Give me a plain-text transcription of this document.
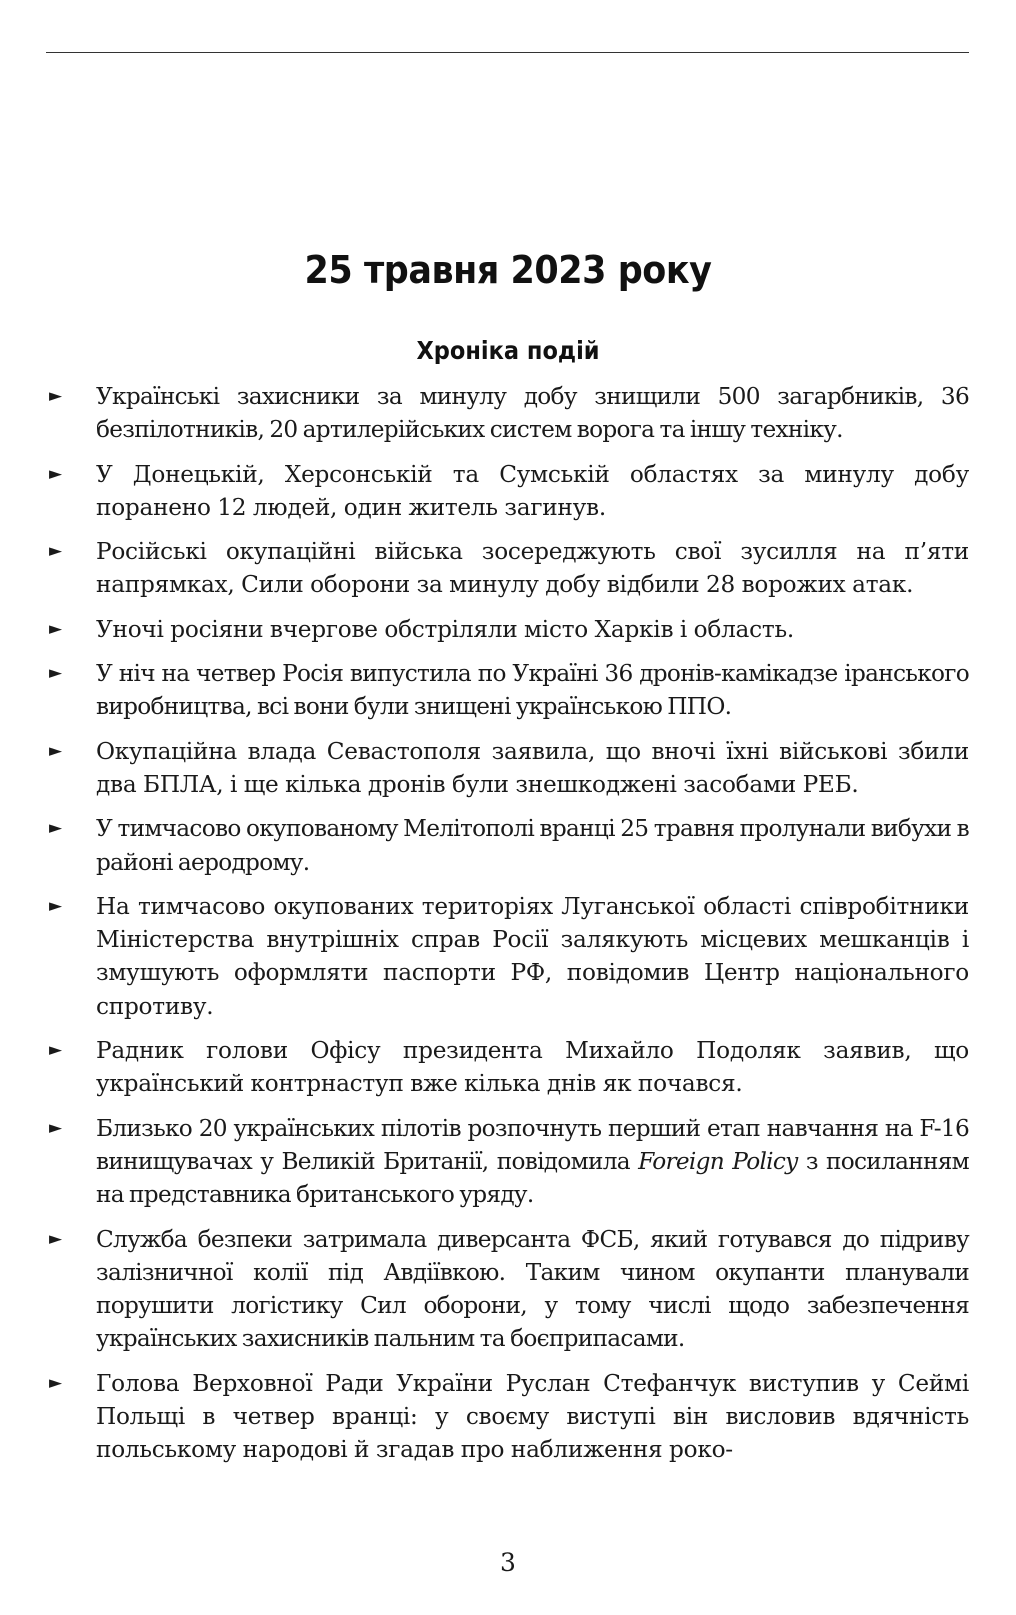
25 травня 2023 року
Хроніка подій
► Українські захисники за минулу добу знищили 500 загарбників, 36 безпілотників, 20 артилерійських систем ворога та іншу техніку.
► У Донецькій, Херсонській та Сумській областях за минулу добу поранено 12 людей, один житель загинув.
► Російські окупаційні війська зосереджують свої зусилля на п’яти напрямках, Сили оборони за минулу добу відбили 28 ворожих атак.
► Уночі росіяни вчергове обстріляли місто Харків і область.
► У ніч на четвер Росія випустила по Україні 36 дронів-камікадзе іранського виробництва, всі вони були знищені українською ППО.
► Окупаційна влада Севастополя заявила, що вночі їхні військові збили два БПЛА, і ще кілька дронів були знешкоджені засобами РЕБ.
► У тимчасово окупованому Мелітополі вранці 25 травня пролунали вибухи в районі аеродрому.
► На тимчасово окупованих територіях Луганської області співробітники Міністерства внутрішніх справ Росії залякують місцевих мешканців і змушують оформляти паспорти РФ, повідомив Центр національного спротиву.
► Радник голови Офісу президента Михайло Подоляк заявив, що український контрнаступ вже кілька днів як почався.
► Близько 20 українських пілотів розпочнуть перший етап навчання на F-16 винищувачах у Великій Британії, повідомила Foreign Policy з посиланням на представника британського уряду.
► Служба безпеки затримала диверсанта ФСБ, який готувався до підриву залізничної колії під Авдіївкою. Таким чином окупанти планували порушити логістику Сил оборони, у тому числі щодо забезпечення українських захисників пальним та боєприпасами.
► Голова Верховної Ради України Руслан Стефанчук виступив у Сеймі Польщі в четвер вранці: у своєму виступі він висловив вдячність польському народові й згадав про наближення роко-
3
